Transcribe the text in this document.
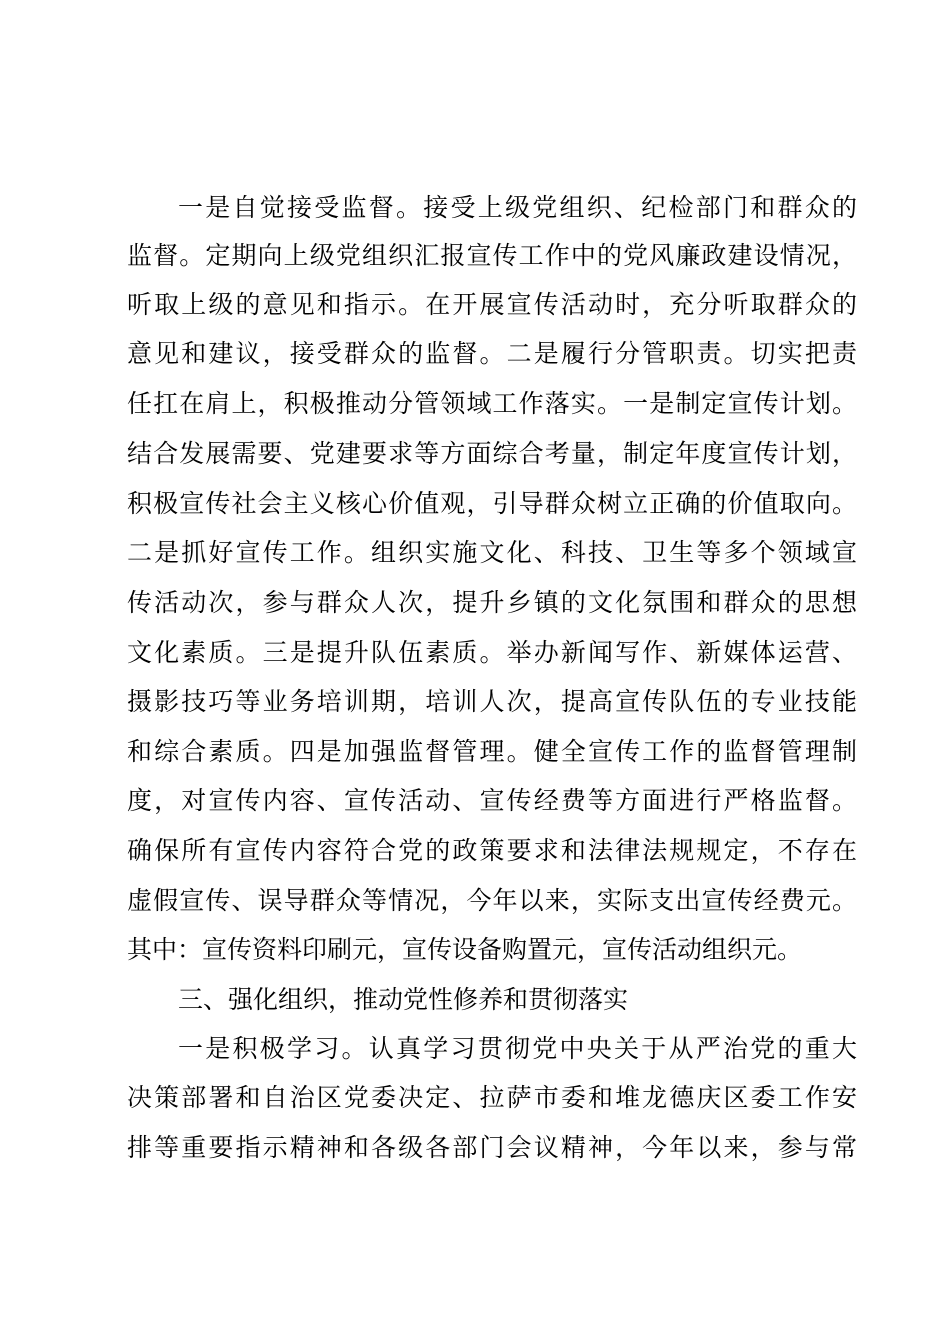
一是自觉接受监督。接受上级党组织、纪检部门和群众的
监督。定期向上级党组织汇报宣传工作中的党风廉政建设情况，
听取上级的意见和指示。在开展宣传活动时，充分听取群众的
意见和建议，接受群众的监督。二是履行分管职责。切实把责
任扛在肩上，积极推动分管领域工作落实。一是制定宣传计划。
结合发展需要、党建要求等方面综合考量，制定年度宣传计划，
积极宣传社会主义核心价值观，引导群众树立正确的价值取向。
二是抓好宣传工作。组织实施文化、科技、卫生等多个领域宣
传活动次，参与群众人次，提升乡镇的文化氛围和群众的思想
文化素质。三是提升队伍素质。举办新闻写作、新媒体运营、
摄影技巧等业务培训期，培训人次，提高宣传队伍的专业技能
和综合素质。四是加强监督管理。健全宣传工作的监督管理制
度，对宣传内容、宣传活动、宣传经费等方面进行严格监督。
确保所有宣传内容符合党的政策要求和法律法规规定，不存在
虚假宣传、误导群众等情况，今年以来，实际支出宣传经费元。
其中：宣传资料印刷元，宣传设备购置元，宣传活动组织元。
三、强化组织，推动党性修养和贯彻落实
一是积极学习。认真学习贯彻党中央关于从严治党的重大
决策部署和自治区党委决定、拉萨市委和堆龙德庆区委工作安
排等重要指示精神和各级各部门会议精神，今年以来，参与常
